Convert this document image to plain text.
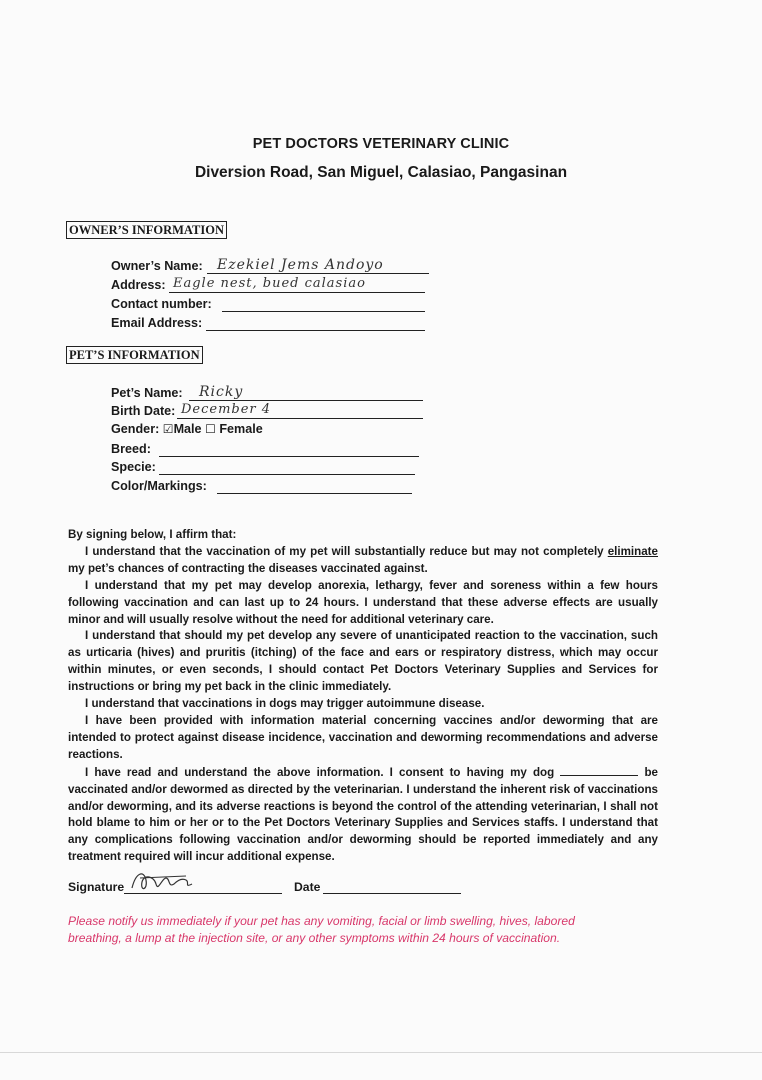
PET DOCTORS VETERINARY CLINIC
Diversion Road, San Miguel, Calasiao, Pangasinan
OWNER’S INFORMATION
Owner’s Name: Ezekiel Jems Andoyo
Address: Eagle nest, bued calasiao
Contact number:
Email Address:
PET’S INFORMATION
Pet’s Name: Ricky
Birth Date: December 4
Gender: ☑Male ☐ Female
Breed:
Specie:
Color/Markings:
By signing below, I affirm that:

I understand that the vaccination of my pet will substantially reduce but may not completely eliminate my pet’s chances of contracting the diseases vaccinated against.

I understand that my pet may develop anorexia, lethargy, fever and soreness within a few hours following vaccination and can last up to 24 hours. I understand that these adverse effects are usually minor and will usually resolve without the need for additional veterinary care.

I understand that should my pet develop any severe of unanticipated reaction to the vaccination, such as urticaria (hives) and pruritis (itching) of the face and ears or respiratory distress, which may occur within minutes, or even seconds, I should contact Pet Doctors Veterinary Supplies and Services for instructions or bring my pet back in the clinic immediately.

I understand that vaccinations in dogs may trigger autoimmune disease.

I have been provided with information material concerning vaccines and/or deworming that are intended to protect against disease incidence, vaccination and deworming recommendations and adverse reactions.

I have read and understand the above information. I consent to having my dog	be vaccinated and/or dewormed as directed by the veterinarian. I understand the inherent risk of vaccinations and/or deworming, and its adverse reactions is beyond the control of the attending veterinarian, I shall not hold blame to him or her or to the Pet Doctors Veterinary Supplies and Services staffs. I understand that any complications following vaccination and/or deworming should be reported immediately and any treatment required will incur additional expense.

Signature	Date
Please notify us immediately if your pet has any vomiting, facial or limb swelling, hives, labored breathing, a lump at the injection site, or any other symptoms within 24 hours of vaccination.
